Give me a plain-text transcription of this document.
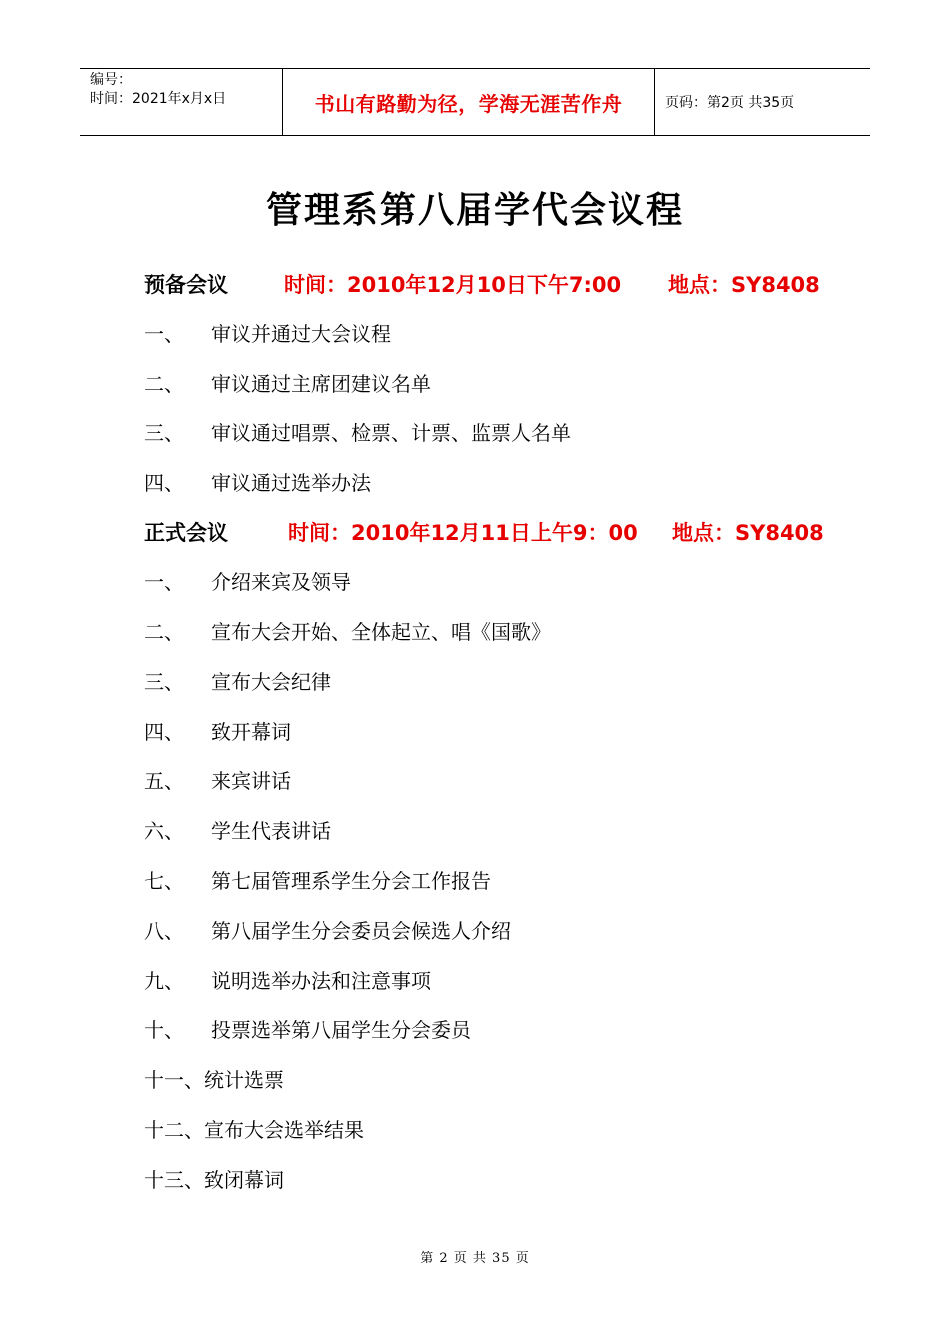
编号：
时间：2021年x月x日	书山有路勤为径，学海无涯苦作舟	页码：第2页 共35页
管理系第八届学代会议程
预备会议	时间：2010年12月10日下午7:00 地点：SY8408
一、 审议并通过大会议程
二、 审议通过主席团建议名单
三、 审议通过唱票、检票、计票、监票人名单
四、 审议通过选举办法
正式会议	时间：2010年12月11日上午9：00 地点：SY8408
一、 介绍来宾及领导
二、 宣布大会开始、全体起立、唱《国歌》
三、 宣布大会纪律
四、 致开幕词
五、 来宾讲话
六、 学生代表讲话
七、 第七届管理系学生分会工作报告
八、 第八届学生分会委员会候选人介绍
九、 说明选举办法和注意事项
十、 投票选举第八届学生分会委员
十一、统计选票
十二、宣布大会选举结果
十三、致闭幕词
第 2 页 共 35 页
